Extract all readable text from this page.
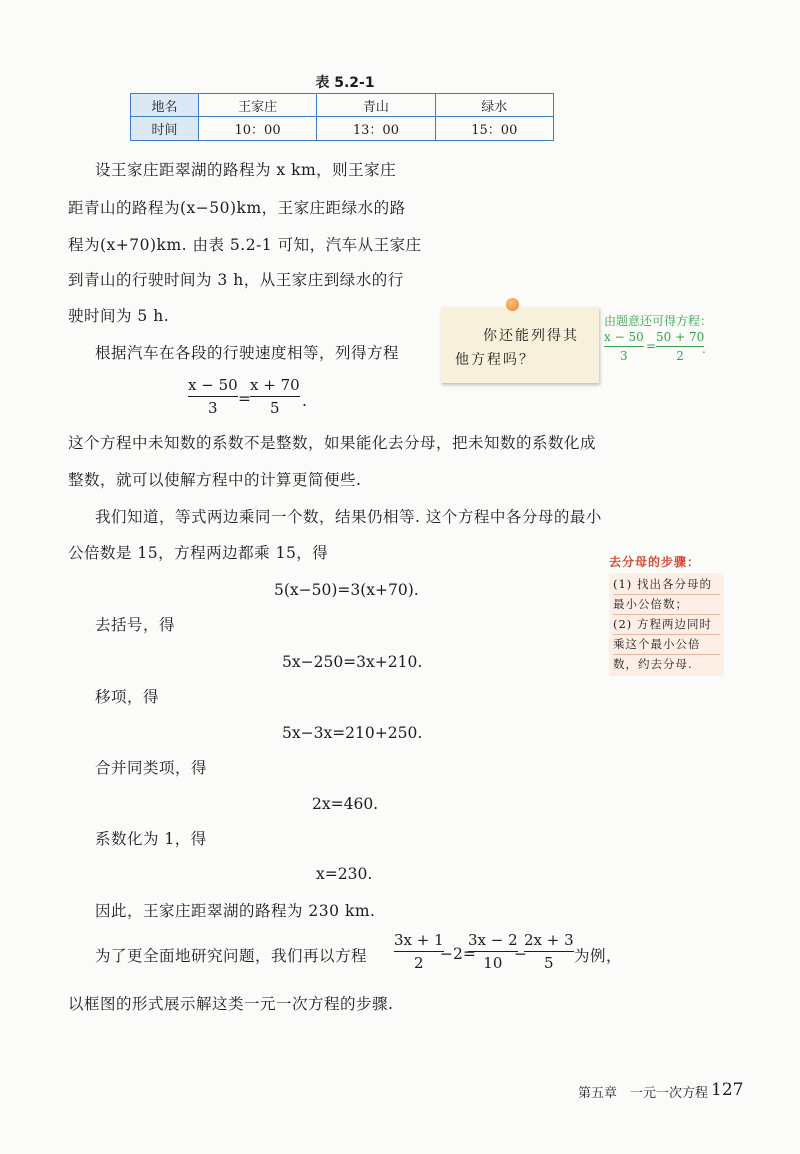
表 5.2-1
地名	王家庄	青山	绿水
时间	10：00	13：00	15：00
设王家庄距翠湖的路程为 x km，则王家庄
距青山的路程为(x−50)km，王家庄距绿水的路
程为(x+70)km. 由表 5.2-1 可知，汽车从王家庄
到青山的行驶时间为 3 h，从王家庄到绿水的行
驶时间为 5 h.
你还能列得其
他方程吗？
由题意还可得方程：
x − 50
3
=
50 + 70
2 .
根据汽车在各段的行驶速度相等，列得方程
x − 50
3 =
x + 70
5 .
这个方程中未知数的系数不是整数，如果能化去分母，把未知数的系数化成
整数，就可以使解方程中的计算更简便些.
我们知道，等式两边乘同一个数，结果仍相等. 这个方程中各分母的最小
公倍数是 15，方程两边都乘 15，得	去分母的步骤：
(1) 找出各分母的
最小公倍数；
(2) 方程两边同时
乘这个最小公倍
数，约去分母.
5(x−50)=3(x+70).
去括号，得
5x−250=3x+210.
移项，得
5x−3x=210+250.
合并同类项，得
2x=460.
系数化为 1，得
x=230.
因此，王家庄距翠湖的路程为 230 km.
为了更全面地研究问题，我们再以方程
3x + 1
2 −2=
3x − 2
10 −
2x + 3
5 为例，
以框图的形式展示解这类一元一次方程的步骤.
第五章　一元一次方程 127
